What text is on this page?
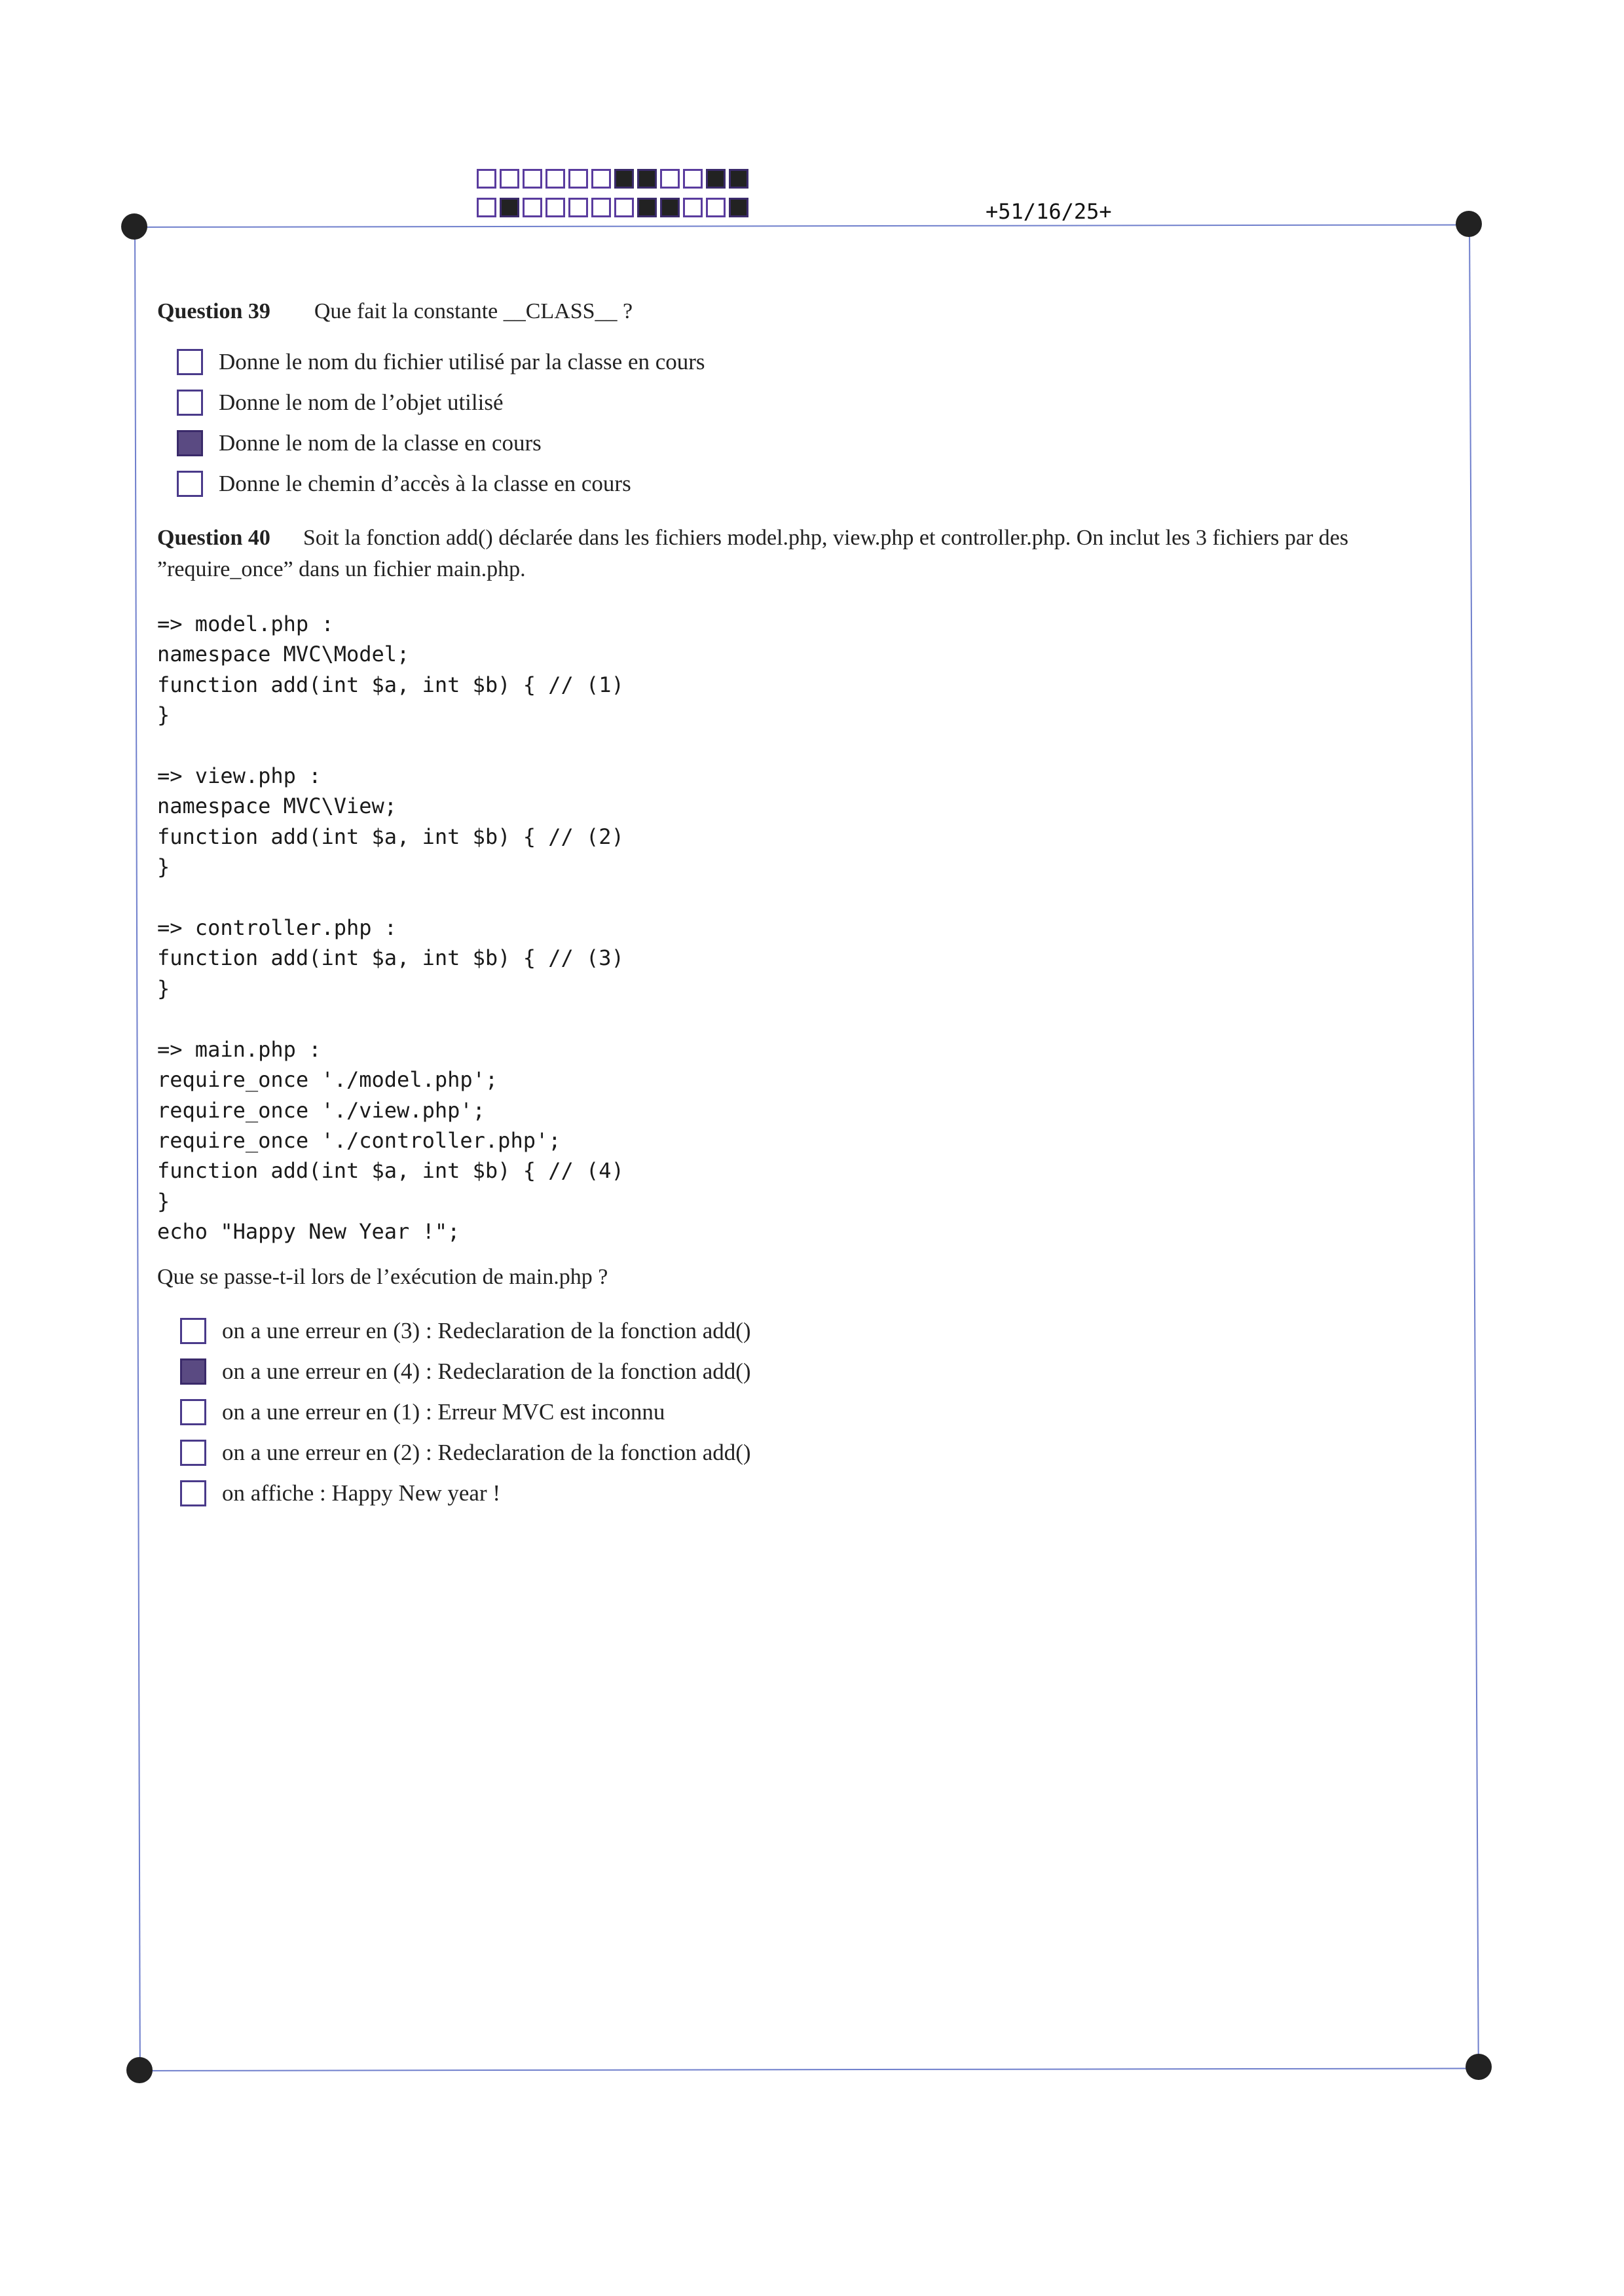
+51/16/25+
Question 39 Que fait la constante __CLASS__ ?
Donne le nom du fichier utilisé par la classe en cours
Donne le nom de l’objet utilisé
Donne le nom de la classe en cours
Donne le chemin d’accès à la classe en cours
Question 40 Soit la fonction add() déclarée dans les fichiers model.php, view.php et controller.php. On inclut les 3 fichiers par des ”require_once” dans un fichier main.php.
=> model.php :
namespace MVC\Model;
function add(int $a, int $b) { // (1)
}

=> view.php :
namespace MVC\View;
function add(int $a, int $b) { // (2)
}

=> controller.php :
function add(int $a, int $b) { // (3)
}

=> main.php :
require_once './model.php';
require_once './view.php';
require_once './controller.php';
function add(int $a, int $b) { // (4)
}
echo "Happy New Year !";
Que se passe-t-il lors de l’exécution de main.php ?
on a une erreur en (3) : Redeclaration de la fonction add()
on a une erreur en (4) : Redeclaration de la fonction add()
on a une erreur en (1) : Erreur MVC est inconnu
on a une erreur en (2) : Redeclaration de la fonction add()
on affiche : Happy New year !
